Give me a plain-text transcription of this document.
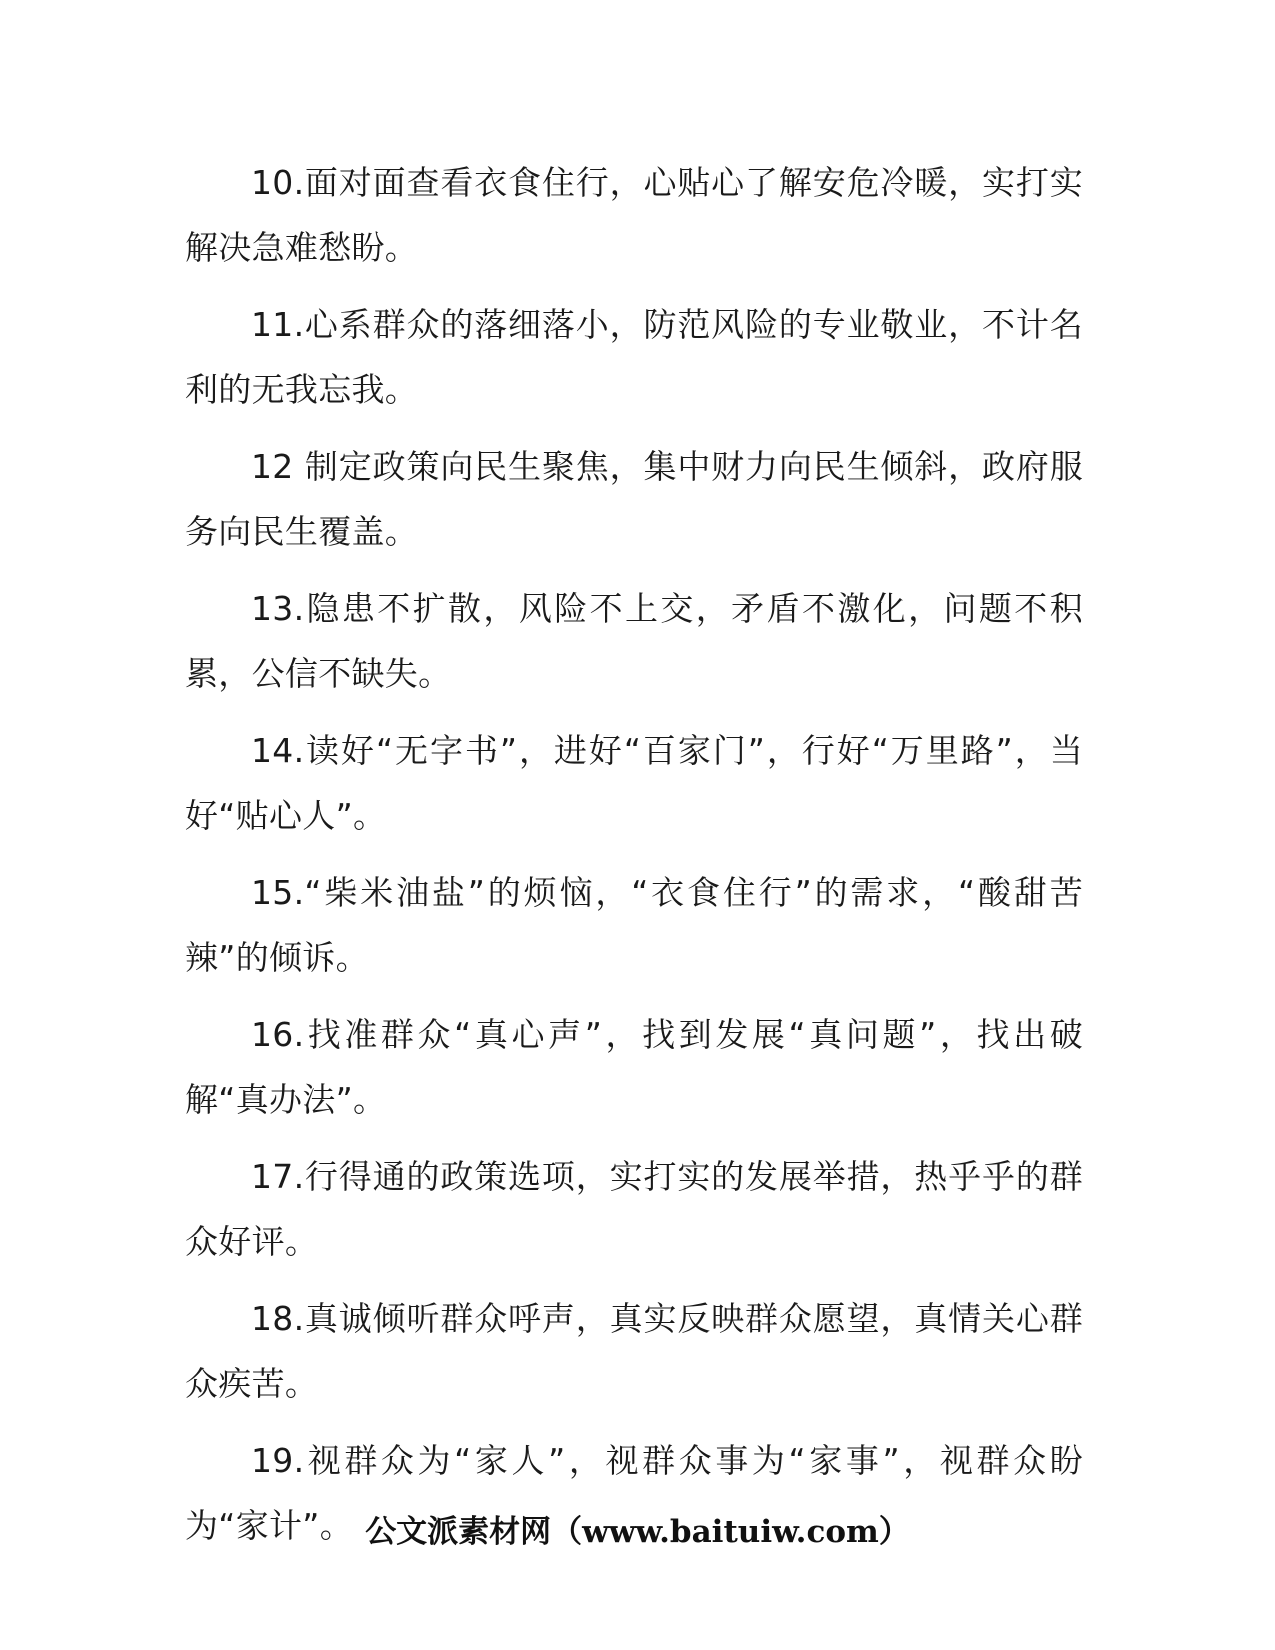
10.面对面查看衣食住行，心贴心了解安危冷暖，实打实解决急难愁盼。

11.心系群众的落细落小，防范风险的专业敬业，不计名利的无我忘我。

12 制定政策向民生聚焦，集中财力向民生倾斜，政府服务向民生覆盖。

13.隐患不扩散，风险不上交，矛盾不激化，问题不积累，公信不缺失。

14.读好“无字书”，进好“百家门”，行好“万里路”，当好“贴心人”。

15.“柴米油盐”的烦恼，“衣食住行”的需求，“酸甜苦辣”的倾诉。

16.找准群众“真心声”，找到发展“真问题”，找出破解“真办法”。

17.行得通的政策选项，实打实的发展举措，热乎乎的群众好评。

18.真诚倾听群众呼声，真实反映群众愿望，真情关心群众疾苦。

19.视群众为“家人”，视群众事为“家事”，视群众盼为“家计”。 公文派素材网（www.baituiw.com）
